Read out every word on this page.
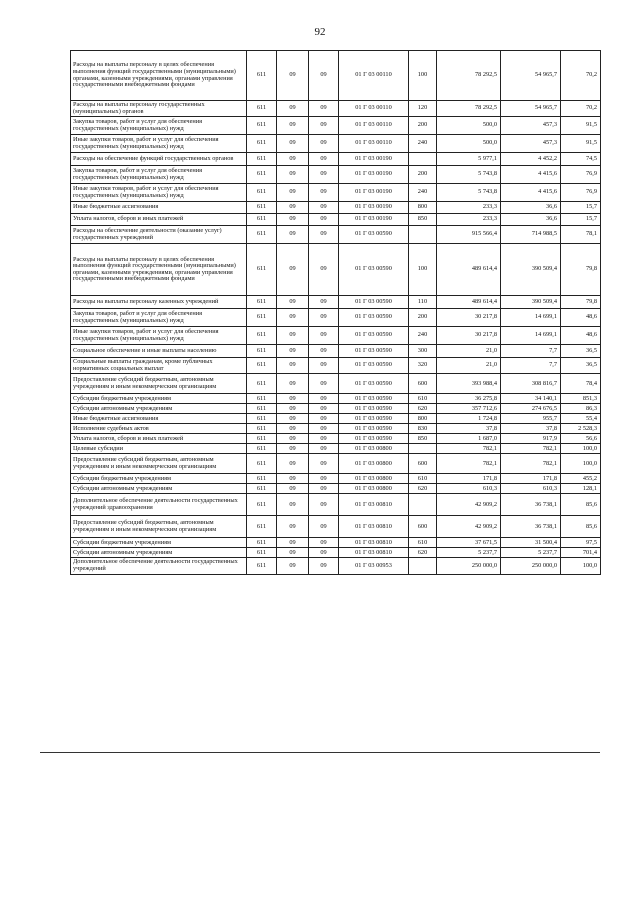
92
Расходы на выплаты персоналу в целях обеспечения выполнения функций государственными (муниципальными) органами, казенными учреждениями, органами управления государственными внебюджетными фондами	611	09	09	01 Г 03 00110	100	78 292,5	54 965,7	70,2
Расходы на выплаты персоналу государственных (муниципальных) органов	611	09	09	01 Г 03 00110	120	78 292,5	54 965,7	70,2
Закупка товаров, работ и услуг для обеспечения государственных (муниципальных) нужд	611	09	09	01 Г 03 00110	200	500,0	457,3	91,5
Иные закупки товаров, работ и услуг для обеспечения государственных (муниципальных) нужд	611	09	09	01 Г 03 00110	240	500,0	457,3	91,5
Расходы на обеспечение функций государственных органов	611	09	09	01 Г 03 00190		5 977,1	4 452,2	74,5
Закупка товаров, работ и услуг для обеспечения государственных (муниципальных) нужд	611	09	09	01 Г 03 00190	200	5 743,8	4 415,6	76,9
Иные закупки товаров, работ и услуг для обеспечения государственных (муниципальных) нужд	611	09	09	01 Г 03 00190	240	5 743,8	4 415,6	76,9
Иные бюджетные ассигнования	611	09	09	01 Г 03 00190	800	233,3	36,6	15,7
Уплата налогов, сборов и иных платежей	611	09	09	01 Г 03 00190	850	233,3	36,6	15,7
Расходы на обеспечение деятельности (оказание услуг) государственных учреждений	611	09	09	01 Г 03 00590		915 566,4	714 988,5	78,1
Расходы на выплаты персоналу в целях обеспечения выполнения функций государственными (муниципальными) органами, казенными учреждениями, органами управления государственными внебюджетными фондами	611	09	09	01 Г 03 00590	100	489 614,4	390 509,4	79,8
Расходы на выплаты персоналу казенных учреждений	611	09	09	01 Г 03 00590	110	489 614,4	390 509,4	79,8
Закупка товаров, работ и услуг для обеспечения государственных (муниципальных) нужд	611	09	09	01 Г 03 00590	200	30 217,8	14 699,1	48,6
Иные закупки товаров, работ и услуг для обеспечения государственных (муниципальных) нужд	611	09	09	01 Г 03 00590	240	30 217,8	14 699,1	48,6
Социальное обеспечение и иные выплаты населению	611	09	09	01 Г 03 00590	300	21,0	7,7	36,5
Социальные выплаты гражданам, кроме публичных нормативных социальных выплат	611	09	09	01 Г 03 00590	320	21,0	7,7	36,5
Предоставление субсидий бюджетным, автономным учреждениям и иным некоммерческим организациям	611	09	09	01 Г 03 00590	600	393 988,4	308 816,7	78,4
Субсидии бюджетным учреждениям	611	09	09	01 Г 03 00590	610	36 275,8	34 140,1	851,3
Субсидии автономным учреждениям	611	09	09	01 Г 03 00590	620	357 712,6	274 676,5	86,3
Иные бюджетные ассигнования	611	09	09	01 Г 03 00590	800	1 724,8	955,7	55,4
Исполнение судебных актов	611	09	09	01 Г 03 00590	830	37,8	37,8	2 528,3
Уплата налогов, сборов и иных платежей	611	09	09	01 Г 03 00590	850	1 687,0	917,9	56,6
Целевые субсидии	611	09	09	01 Г 03 00800		782,1	782,1	100,0
Предоставление субсидий бюджетным, автономным учреждениям и иным некоммерческим организациям	611	09	09	01 Г 03 00800	600	782,1	782,1	100,0
Субсидии бюджетным учреждениям	611	09	09	01 Г 03 00800	610	171,8	171,8	455,2
Субсидии автономным учреждениям	611	09	09	01 Г 03 00800	620	610,3	610,3	128,1
Дополнительное обеспечение деятельности государственных учреждений здравоохранения	611	09	09	01 Г 03 00810		42 909,2	36 738,1	85,6
Предоставление субсидий бюджетным, автономным учреждениям и иным некоммерческим организациям	611	09	09	01 Г 03 00810	600	42 909,2	36 738,1	85,6
Субсидии бюджетным учреждениям	611	09	09	01 Г 03 00810	610	37 671,5	31 500,4	97,5
Субсидии автономным учреждениям	611	09	09	01 Г 03 00810	620	5 237,7	5 237,7	701,4
Дополнительное обеспечение деятельности государственных учреждений	611	09	09	01 Г 03 00953		250 000,0	250 000,0	100,0
